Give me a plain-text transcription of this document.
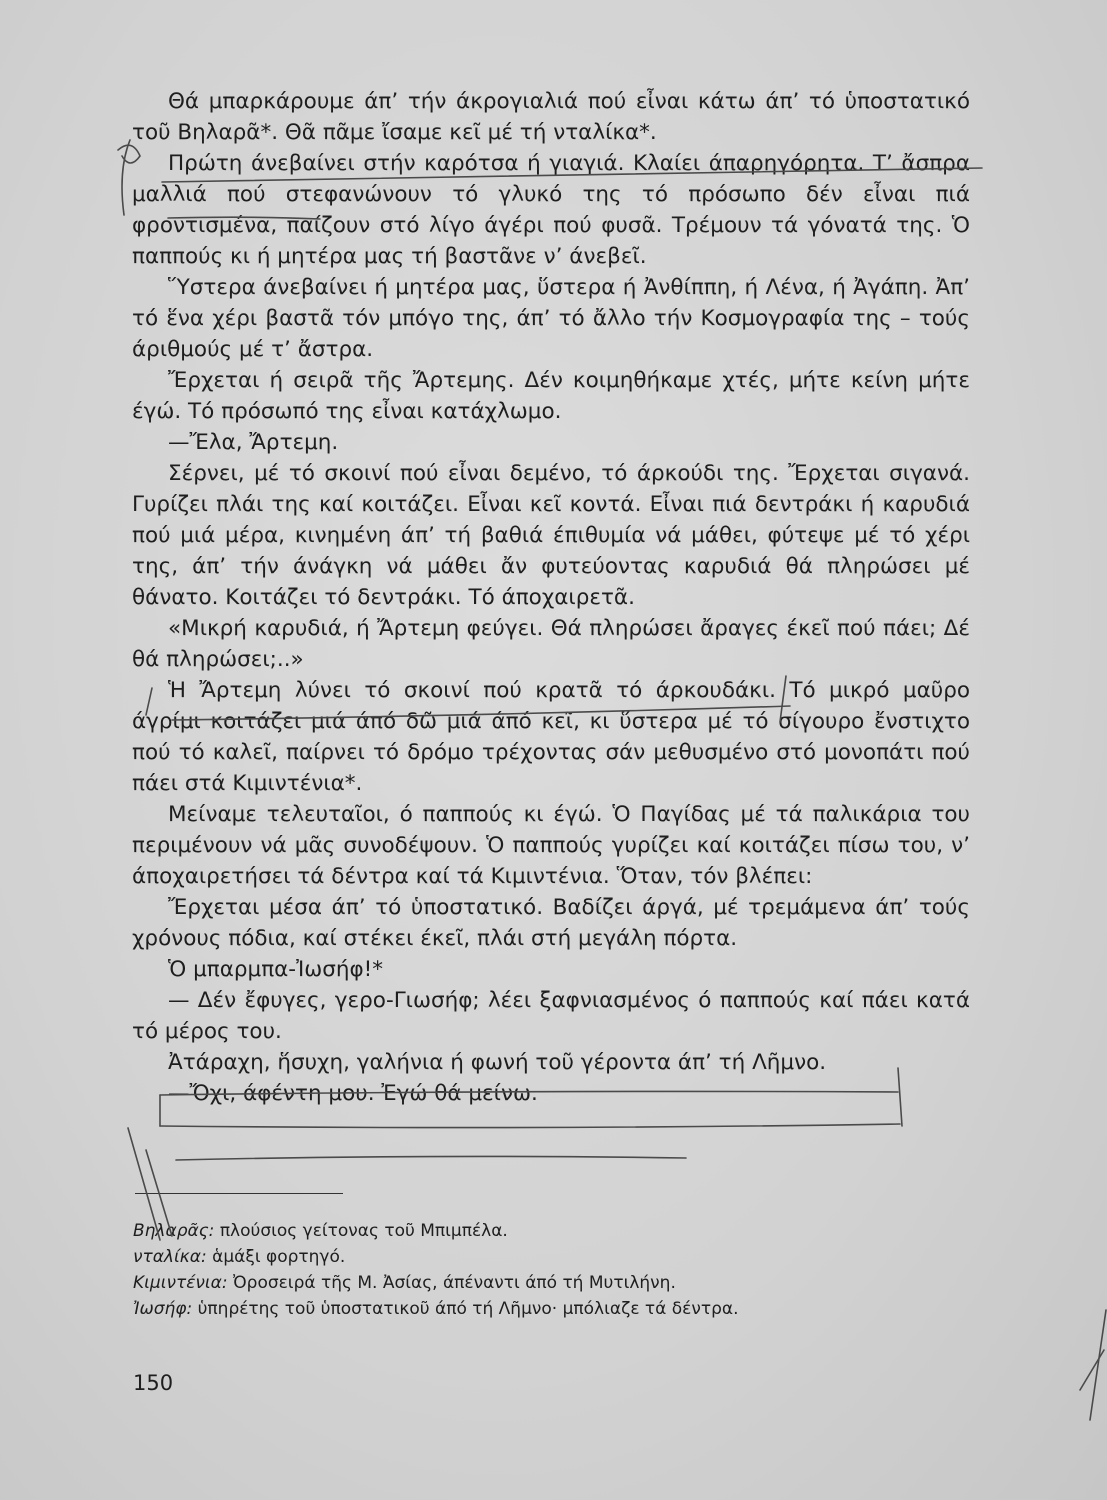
Θά μπαρκάρουμε άπ’ τήν άκρογιαλιά πού εἶναι κάτω άπ’ τό ὑποστατικό τοῦ Βηλαρᾶ*. Θᾶ πᾶμε ἴσαμε κεῖ μέ τή νταλίκα*.

Πρώτη άνεβαίνει στήν καρότσα ή γιαγιά. Κλαίει άπαρηγόρητα. Τ’ ἄσπρα μαλλιά πού στεφανώνουν τό γλυκό της τό πρόσωπο δέν εἶναι πιά φροντισμένα, παίζουν στό λίγο άγέρι πού φυσᾶ. Τρέμουν τά γόνατά της. Ὁ παππούς κι ή μητέρα μας τή βαστᾶνε ν’ άνεβεῖ.

Ὕστερα άνεβαίνει ή μητέρα μας, ὕστερα ή Ἀνθίππη, ή Λένα, ή Ἀγάπη. Ἀπ’ τό ἕνα χέρι βαστᾶ τόν μπόγο της, άπ’ τό ἄλλο τήν Κοσμογραφία της – τούς άριθμούς μέ τ’ ἄστρα.

Ἔρχεται ή σειρᾶ τῆς Ἄρτεμης. Δέν κοιμηθήκαμε χτές, μήτε κείνη μήτε έγώ. Τό πρόσωπό της εἶναι κατάχλωμο.

—Ἔλα, Ἄρτεμη.

Σέρνει, μέ τό σκοινί πού εἶναι δεμένο, τό άρκούδι της. Ἔρχεται σιγανά. Γυρίζει πλάι της καί κοιτάζει. Εἶναι κεῖ κοντά. Εἶναι πιά δεντράκι ή καρυδιά πού μιά μέρα, κινημένη άπ’ τή βαθιά έπιθυμία νά μάθει, φύτεψε μέ τό χέρι της, άπ’ τήν άνάγκη νά μάθει ἄν φυτεύοντας καρυδιά θά πληρώσει μέ θάνατο. Κοιτάζει τό δεντράκι. Τό άποχαιρετᾶ.

«Μικρή καρυδιά, ή Ἄρτεμη φεύγει. Θά πληρώσει ἄραγες έκεῖ πού πάει; Δέ θά πληρώσει;..»

Ἡ Ἄρτεμη λύνει τό σκοινί πού κρατᾶ τό άρκουδάκι. Τό μικρό μαῦρο άγρίμι κοιτάζει μιά άπό δῶ μιά άπό κεῖ, κι ὕστερα μέ τό σίγουρο ἔνστιχτο πού τό καλεῖ, παίρνει τό δρόμο τρέχοντας σάν μεθυσμένο στό μονοπάτι πού πάει στά Κιμιντένια*.

Μείναμε τελευταῖοι, ό παππούς κι έγώ. Ὁ Παγίδας μέ τά παλικάρια του περιμένουν νά μᾶς συνοδέψουν. Ὁ παππούς γυρίζει καί κοιτάζει πίσω του, ν’ άποχαιρετήσει τά δέντρα καί τά Κιμιντένια. Ὅταν, τόν βλέπει:

Ἔρχεται μέσα άπ’ τό ὑποστατικό. Βαδίζει άργά, μέ τρεμάμενα άπ’ τούς χρόνους πόδια, καί στέκει έκεῖ, πλάι στή μεγάλη πόρτα.

Ὁ μπαρμπα-Ἰωσήφ!*

— Δέν ἔφυγες, γερο-Γιωσήφ; λέει ξαφνιασμένος ό παππούς καί πάει κατά τό μέρος του.

Ἀτάραχη, ἥσυχη, γαλήνια ή φωνή τοῦ γέροντα άπ’ τή Λῆμνο.

—Ὄχι, άφέντη μου. Ἐγώ θά μείνω.

Βηλαρᾶς: πλούσιος γείτονας τοῦ Μπιμπέλα.

νταλίκα: ἁμάξι φορτηγό.

Κιμιντένια: Ὀροσειρά τῆς Μ. Ἀσίας, άπέναντι άπό τή Μυτιλήνη.

Ἰωσήφ: ὑπηρέτης τοῦ ὑποστατικοῦ άπό τή Λῆμνο· μπόλιαζε τά δέντρα.

150
